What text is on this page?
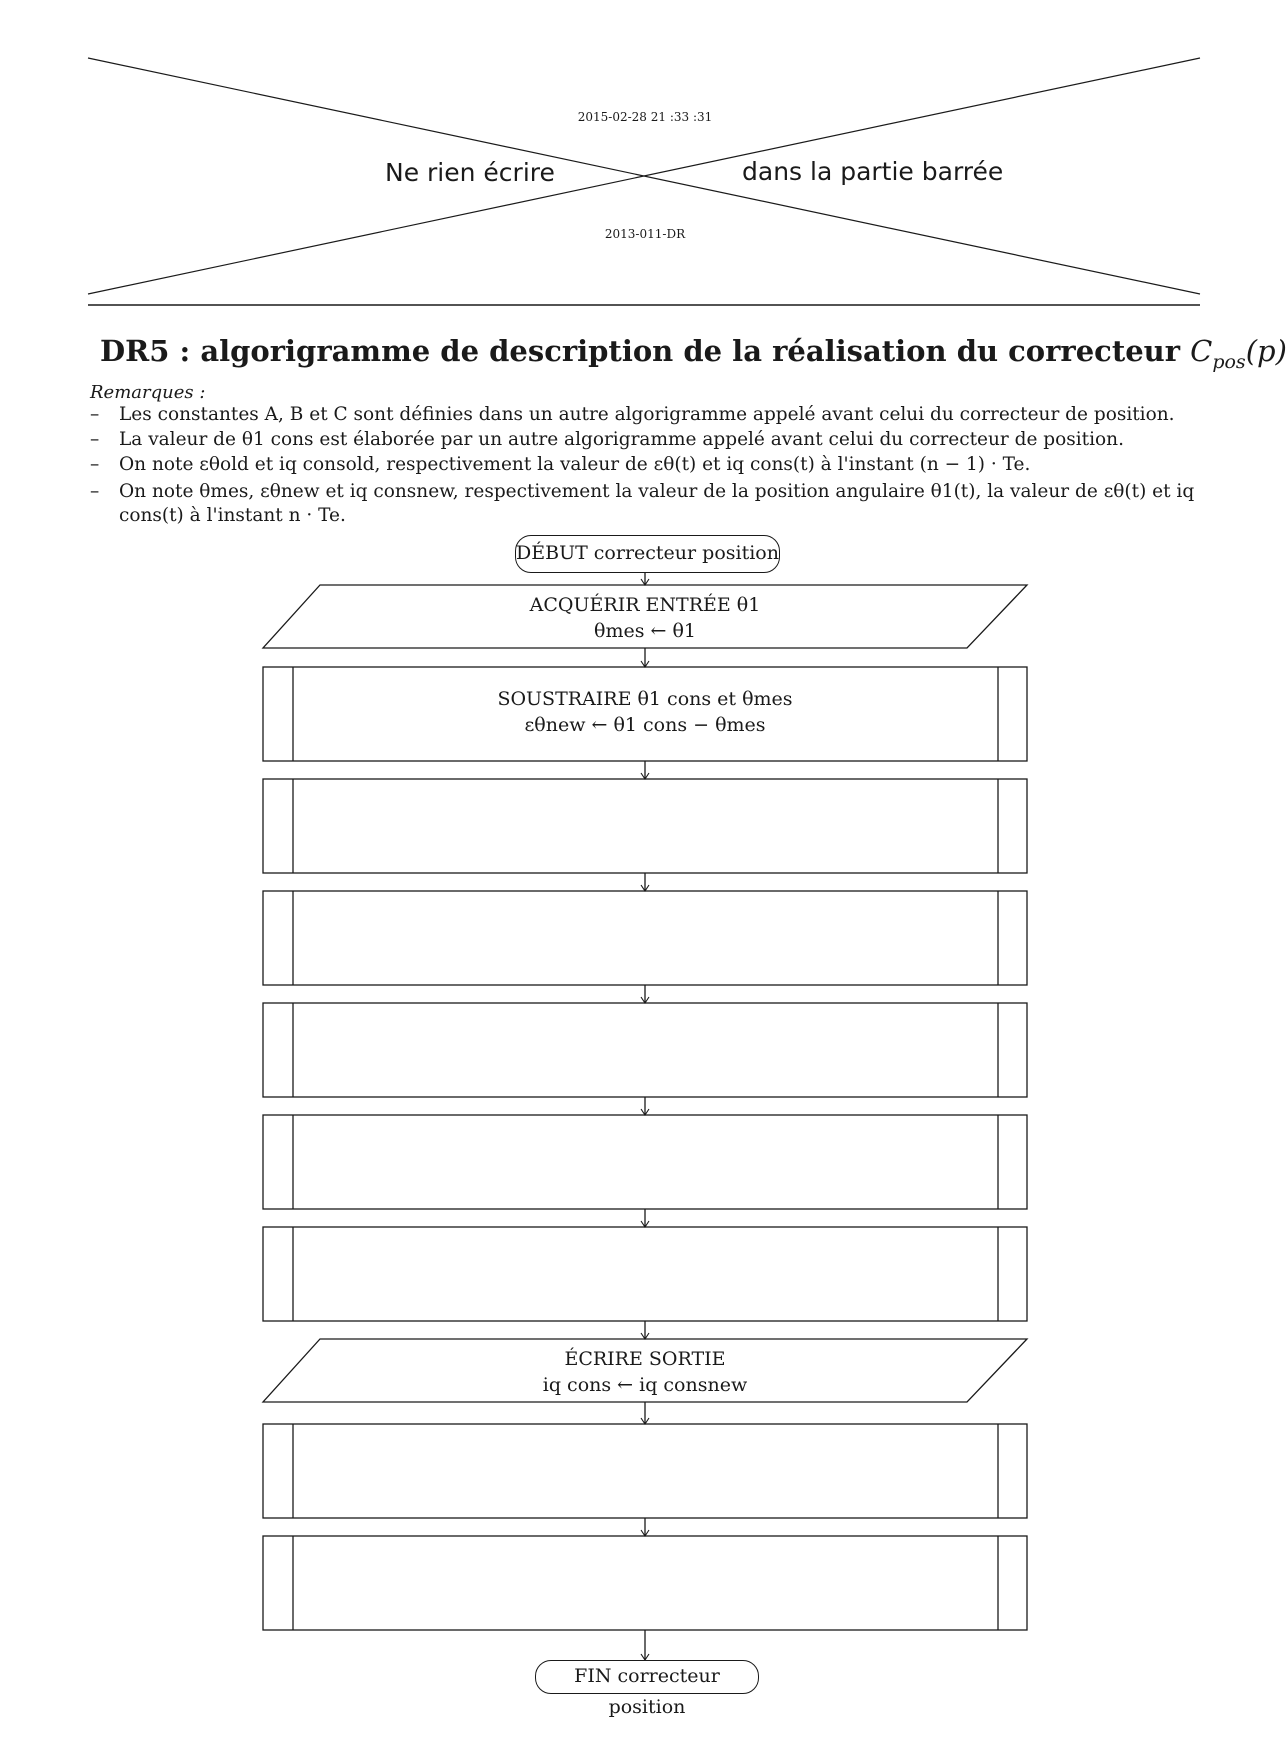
2015-02-28 21 :33 :31
Ne rien écrire	dans la partie barrée
2013-011-DR
DR5 : algorigramme de description de la réalisation du correcteur $C_{pos}(p)$
Remarques :
–	Les constantes A, B et C sont définies dans un autre algorigramme appelé avant celui du correcteur de position.
–	La valeur de θ1 cons est élaborée par un autre algorigramme appelé avant celui du correcteur de position.
–	On note εθold et iq consold, respectivement la valeur de εθ(t) et iq cons(t) à l'instant (n − 1) · Te.
–	On note θmes, εθnew et iq consnew, respectivement la valeur de la position angulaire θ1(t), la valeur de εθ(t) et iq cons(t) à l'instant n · Te.
DÉBUT correcteur position
ACQUÉRIR ENTRÉE θ1
θmes ← θ1
SOUSTRAIRE θ1 cons et θmes
εθnew ← θ1 cons − θmes
ÉCRIRE SORTIE
iq cons ← iq consnew
FIN correcteur position
